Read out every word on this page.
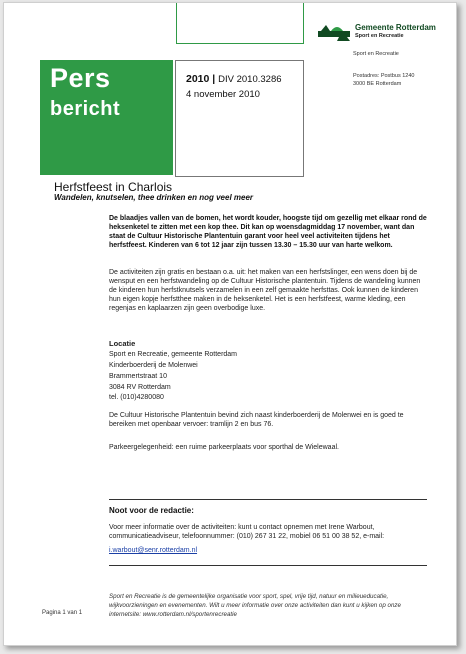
Gemeente Rotterdam
Sport en Recreatie
Sport en Recreatie
Postadres: Postbus 1240
3000 BE Rotterdam
Pers
bericht
2010 | DIV 2010.3286
4 november 2010
Herfstfeest in Charlois
Wandelen, knutselen, thee drinken en nog veel meer
De blaadjes vallen van de bomen, het wordt kouder, hoogste tijd om gezellig met elkaar rond de heksenketel te zitten met een kop thee. Dit kan op woensdagmiddag 17 november, want dan staat de Cultuur Historische Plantentuin garant voor heel veel activiteiten tijdens het herfstfeest. Kinderen van 6 tot 12 jaar zijn tussen 13.30 – 15.30 uur van harte welkom.
De activiteiten zijn gratis en bestaan o.a. uit: het maken van een herfstslinger, een wens doen bij de wensput en een herfstwandeling op de Cultuur Historische plantentuin. Tijdens de wandeling kunnen de kinderen hun herfstknutsels verzamelen in een zelf gemaakte herfsttas. Ook kunnen de kinderen hun eigen kopje herfstthee maken in de heksenketel. Het is een herfstfeest, warme kleding, een regenjas en kaplaarzen zijn geen overbodige luxe.
Locatie
Sport en Recreatie, gemeente Rotterdam
Kinderboerderij de Molenwei
Brammertstraat 10
3084 RV Rotterdam
tel. (010)4280080
De Cultuur Historische Plantentuin bevind zich naast kinderboerderij de Molenwei en is goed te bereiken met openbaar vervoer: tramlijn 2 en bus 76.
Parkeergelegenheid: een ruime parkeerplaats voor sporthal de Wielewaal.
Noot voor de redactie:
Voor meer informatie over de activiteiten: kunt u contact opnemen met Irene Warbout, communicatieadviseur, telefoonnummer: (010) 267 31 22, mobiel 06 51 00 38 52, e-mail:
i.warbout@senr.rotterdam.nl
Pagina 1 van 1
Sport en Recreatie is de gemeentelijke organisatie voor sport, spel, vrije tijd, natuur en milieueducatie, wijkvoorzieningen en evenementen. Wilt u meer informatie over onze activiteiten dan kunt u kijken op onze internetsite: www.rotterdam.nl/sportenrecreatie
